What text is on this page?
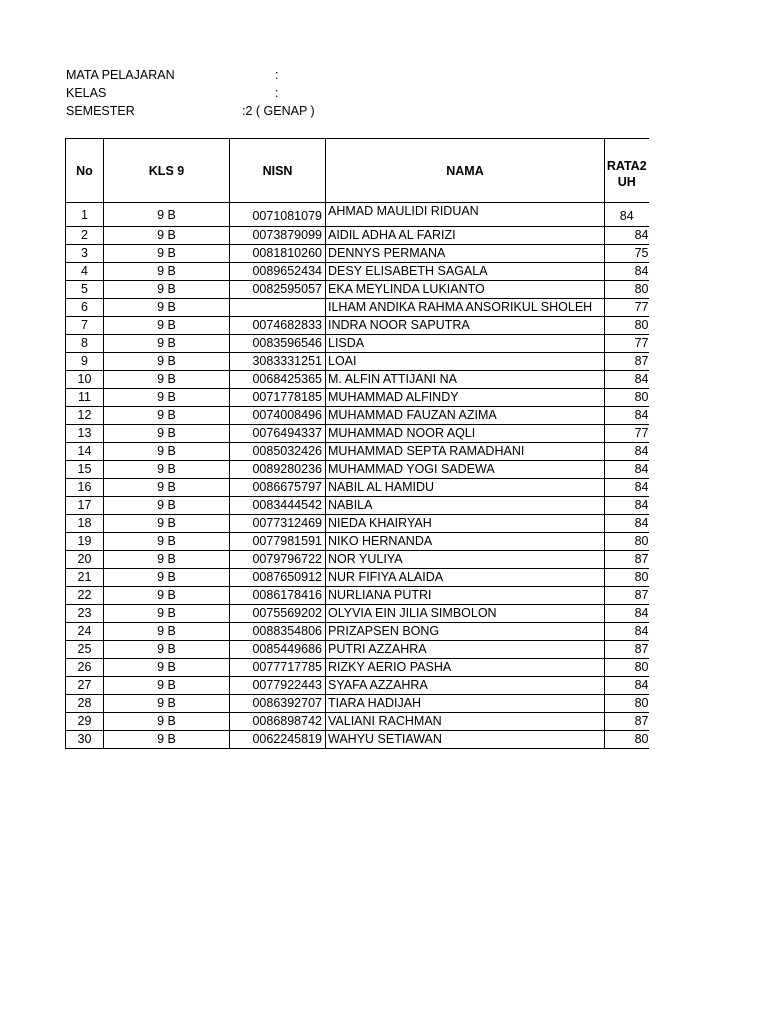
MATA PELAJARAN	:
KELAS	:
SEMESTER	:2 ( GENAP )
No	KLS 9	NISN	NAMA	RATA2
UH

1	9 B	0071081079	AHMAD MAULIDI RIDUAN	84
2	9 B	0073879099	AIDIL ADHA AL FARIZI	84
3	9 B	0081810260	DENNYS PERMANA	75
4	9 B	0089652434	DESY ELISABETH SAGALA	84
5	9 B	0082595057	EKA MEYLINDA LUKIANTO	80
6	9 B		ILHAM ANDIKA RAHMA ANSORIKUL SHOLEH	77
7	9 B	0074682833	INDRA NOOR SAPUTRA	80
8	9 B	0083596546	LISDA	77
9	9 B	3083331251	LOAI	87
10	9 B	0068425365	M. ALFIN ATTIJANI NA	84
11	9 B	0071778185	MUHAMMAD ALFINDY	80
12	9 B	0074008496	MUHAMMAD FAUZAN AZIMA	84
13	9 B	0076494337	MUHAMMAD NOOR AQLI	77
14	9 B	0085032426	MUHAMMAD SEPTA RAMADHANI	84
15	9 B	0089280236	MUHAMMAD YOGI SADEWA	84
16	9 B	0086675797	NABIL AL HAMIDU	84
17	9 B	0083444542	NABILA	84
18	9 B	0077312469	NIEDA KHAIRYAH	84
19	9 B	0077981591	NIKO HERNANDA	80
20	9 B	0079796722	NOR YULIYA	87
21	9 B	0087650912	NUR FIFIYA ALAIDA	80
22	9 B	0086178416	NURLIANA PUTRI	87
23	9 B	0075569202	OLYVIA EIN JILIA SIMBOLON	84
24	9 B	0088354806	PRIZAPSEN BONG	84
25	9 B	0085449686	PUTRI AZZAHRA	87
26	9 B	0077717785	RIZKY AERIO PASHA	80
27	9 B	0077922443	SYAFA AZZAHRA	84
28	9 B	0086392707	TIARA HADIJAH	80
29	9 B	0086898742	VALIANI RACHMAN	87
30	9 B	0062245819	WAHYU SETIAWAN	80
